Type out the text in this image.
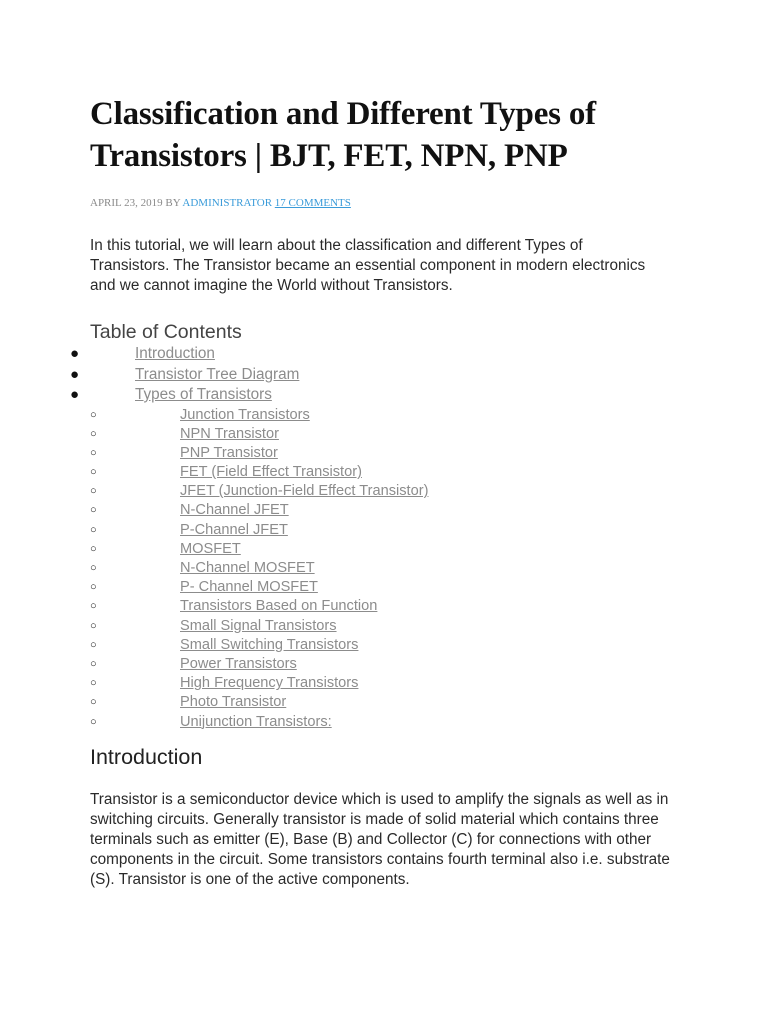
Classification and Different Types of Transistors | BJT, FET, NPN, PNP
APRIL 23, 2019 BY ADMINISTRATOR 17 COMMENTS

In this tutorial, we will learn about the classification and different Types of Transistors. The Transistor became an essential component in modern electronics and we cannot imagine the World without Transistors.

Table of Contents
●	Introduction
●	Transistor Tree Diagram
●	Types of Transistors
○	Junction Transistors
○	NPN Transistor
○	PNP Transistor
○	FET (Field Effect Transistor)
○	JFET (Junction-Field Effect Transistor)
○	N-Channel JFET
○	P-Channel JFET
○	MOSFET
○	N-Channel MOSFET
○	P- Channel MOSFET
○	Transistors Based on Function
○	Small Signal Transistors
○	Small Switching Transistors
○	Power Transistors
○	High Frequency Transistors
○	Photo Transistor
○	Unijunction Transistors:
Introduction

Transistor is a semiconductor device which is used to amplify the signals as well as in switching circuits. Generally transistor is made of solid material which contains three terminals such as emitter (E), Base (B) and Collector (C) for connections with other components in the circuit. Some transistors contains fourth terminal also i.e. substrate (S). Transistor is one of the active components.
